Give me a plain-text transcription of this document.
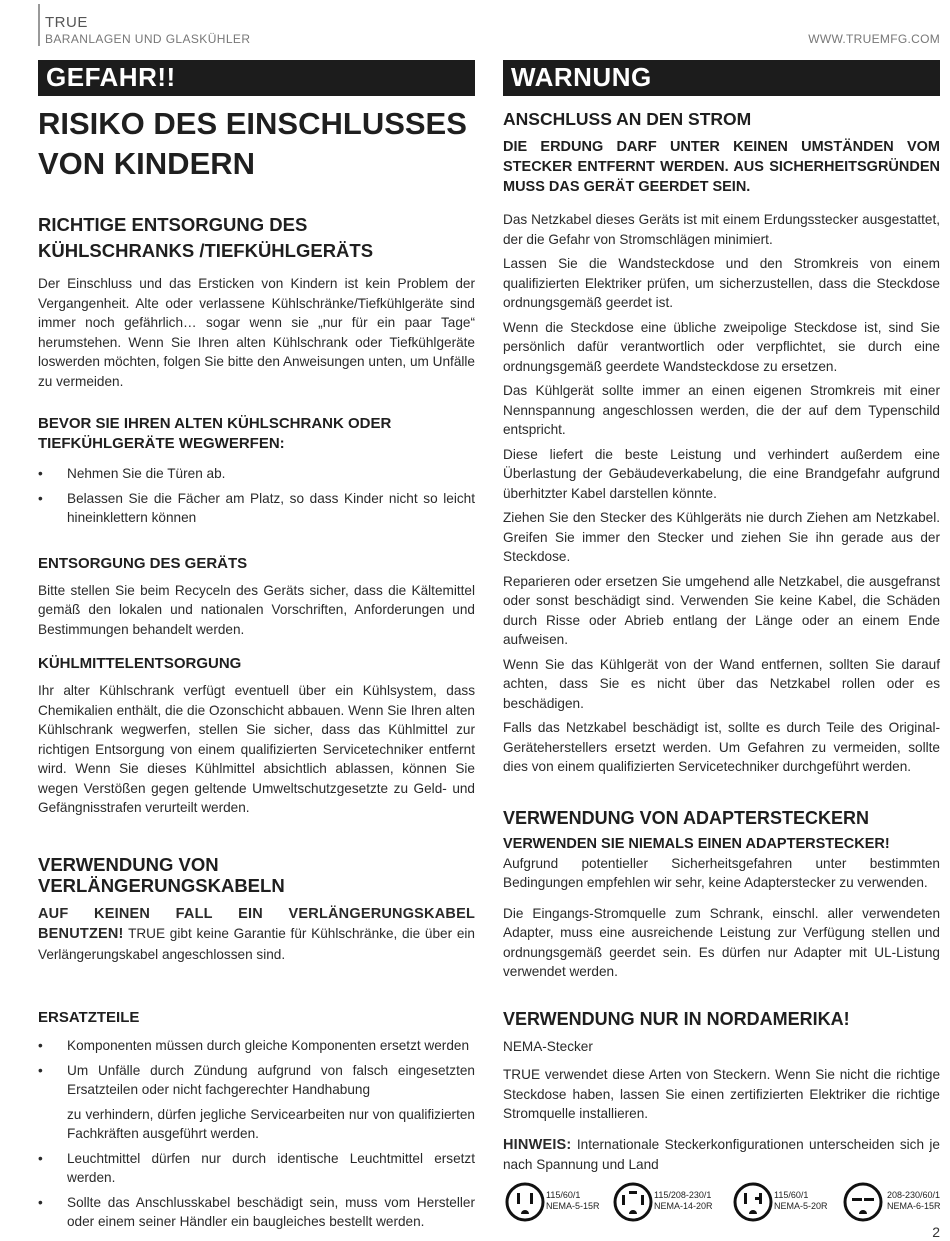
TRUE
BARANLAGEN UND GLASKÜHLER	WWW.TRUEMFG.COM
GEFAHR!!
RISIKO DES EINSCHLUSSES
VON KINDERN
RICHTIGE ENTSORGUNG DES
KÜHLSCHRANKS /TIEFKÜHLGERÄTS

Der Einschluss und das Ersticken von Kindern ist kein Problem der Vergangenheit. Alte oder verlassene Kühlschränke/Tiefkühlgeräte sind immer noch gefährlich… sogar wenn sie „nur für ein paar Tage“ herumstehen. Wenn Sie Ihren alten Kühlschrank oder Tiefkühlgeräte loswerden möchten, folgen Sie bitte den Anweisungen unten, um Unfälle zu vermeiden.

BEVOR SIE IHREN ALTEN KÜHLSCHRANK ODER
TIEFKÜHLGERÄTE WEGWERFEN:
• Nehmen Sie die Türen ab.
• Belassen Sie die Fächer am Platz, so dass Kinder nicht so leicht hineinklettern können
ENTSORGUNG DES GERÄTS

Bitte stellen Sie beim Recyceln des Geräts sicher, dass die Kältemittel gemäß den lokalen und nationalen Vorschriften, Anforderungen und Bestimmungen behandelt werden.

KÜHLMITTELENTSORGUNG

Ihr alter Kühlschrank verfügt eventuell über ein Kühlsystem, dass Chemikalien enthält, die die Ozonschicht abbauen. Wenn Sie Ihren alten Kühlschrank wegwerfen, stellen Sie sicher, dass das Kühlmittel zur richtigen Entsorgung von einem qualifizierten Servicetechniker entfernt wird. Wenn Sie dieses Kühlmittel absichtlich ablassen, können Sie wegen Verstößen gegen geltende Umweltschutzgesetzte zu Geld- und Gefängnisstrafen verurteilt werden.

VERWENDUNG VON
VERLÄNGERUNGSKABELN

AUF KEINEN FALL EIN VERLÄNGERUNGSKABEL BENUTZEN! TRUE gibt keine Garantie für Kühlschränke, die über ein Verlängerungskabel angeschlossen sind.

ERSATZTEILE
• Komponenten müssen durch gleiche Komponenten ersetzt werden
• Um Unfälle durch Zündung aufgrund von falsch eingesetzten Ersatzteilen oder nicht fachgerechter Handhabung
zu verhindern, dürfen jegliche Servicearbeiten nur von qualifizierten Fachkräften ausgeführt werden.
• Leuchtmittel dürfen nur durch identische Leuchtmittel ersetzt werden.
• Sollte das Anschlusskabel beschädigt sein, muss vom Hersteller oder einem seiner Händler ein baugleiches bestellt werden.
WARNUNG
ANSCHLUSS AN DEN STROM
DIE ERDUNG DARF UNTER KEINEN UMSTÄNDEN VOM STECKER ENTFERNT WERDEN. AUS SICHERHEITSGRÜNDEN MUSS DAS GERÄT GEERDET SEIN.

Das Netzkabel dieses Geräts ist mit einem Erdungsstecker ausgestattet, der die Gefahr von Stromschlägen minimiert.

Lassen Sie die Wandsteckdose und den Stromkreis von einem qualifizierten Elektriker prüfen, um sicherzustellen, dass die Steckdose ordnungsgemäß geerdet ist.

Wenn die Steckdose eine übliche zweipolige Steckdose ist, sind Sie persönlich dafür verantwortlich oder verpflichtet, sie durch eine ordnungsgemäß geerdete Wandsteckdose zu ersetzen.

Das Kühlgerät sollte immer an einen eigenen Stromkreis mit einer Nennspannung angeschlossen werden, die der auf dem Typenschild entspricht.

Diese liefert die beste Leistung und verhindert außerdem eine Überlastung der Gebäudeverkabelung, die eine Brandgefahr aufgrund überhitzter Kabel darstellen könnte.

Ziehen Sie den Stecker des Kühlgeräts nie durch Ziehen am Netzkabel. Greifen Sie immer den Stecker und ziehen Sie ihn gerade aus der Steckdose.

Reparieren oder ersetzen Sie umgehend alle Netzkabel, die ausgefranst oder sonst beschädigt sind. Verwenden Sie keine Kabel, die Schäden durch Risse oder Abrieb entlang der Länge oder an einem Ende aufweisen.

Wenn Sie das Kühlgerät von der Wand entfernen, sollten Sie darauf achten, dass Sie es nicht über das Netzkabel rollen oder es beschädigen.

Falls das Netzkabel beschädigt ist, sollte es durch Teile des Original-Geräteherstellers ersetzt werden. Um Gefahren zu vermeiden, sollte dies von einem qualifizierten Servicetechniker durchgeführt werden.

VERWENDUNG VON ADAPTERSTECKERN
VERWENDEN SIE NIEMALS EINEN ADAPTERSTECKER!

Aufgrund potentieller Sicherheitsgefahren unter bestimmten Bedingungen empfehlen wir sehr, keine Adapterstecker zu verwenden.

Die Eingangs-Stromquelle zum Schrank, einschl. aller verwendeten Adapter, muss eine ausreichende Leistung zur Verfügung stellen und ordnungsgemäß geerdet sein. Es dürfen nur Adapter mit UL-Listung verwendet werden.

VERWENDUNG NUR IN NORDAMERIKA!

NEMA-Stecker

TRUE verwendet diese Arten von Steckern. Wenn Sie nicht die richtige Steckdose haben, lassen Sie einen zertifizierten Elektriker die richtige Stromquelle installieren.

HINWEIS: Internationale Steckerkonfigurationen unterscheiden sich je nach Spannung und Land

115/60/1
NEMA-5-15R
115/208-230/1
NEMA-14-20R
115/60/1
NEMA-5-20R
208-230/60/1
NEMA-6-15R
2
